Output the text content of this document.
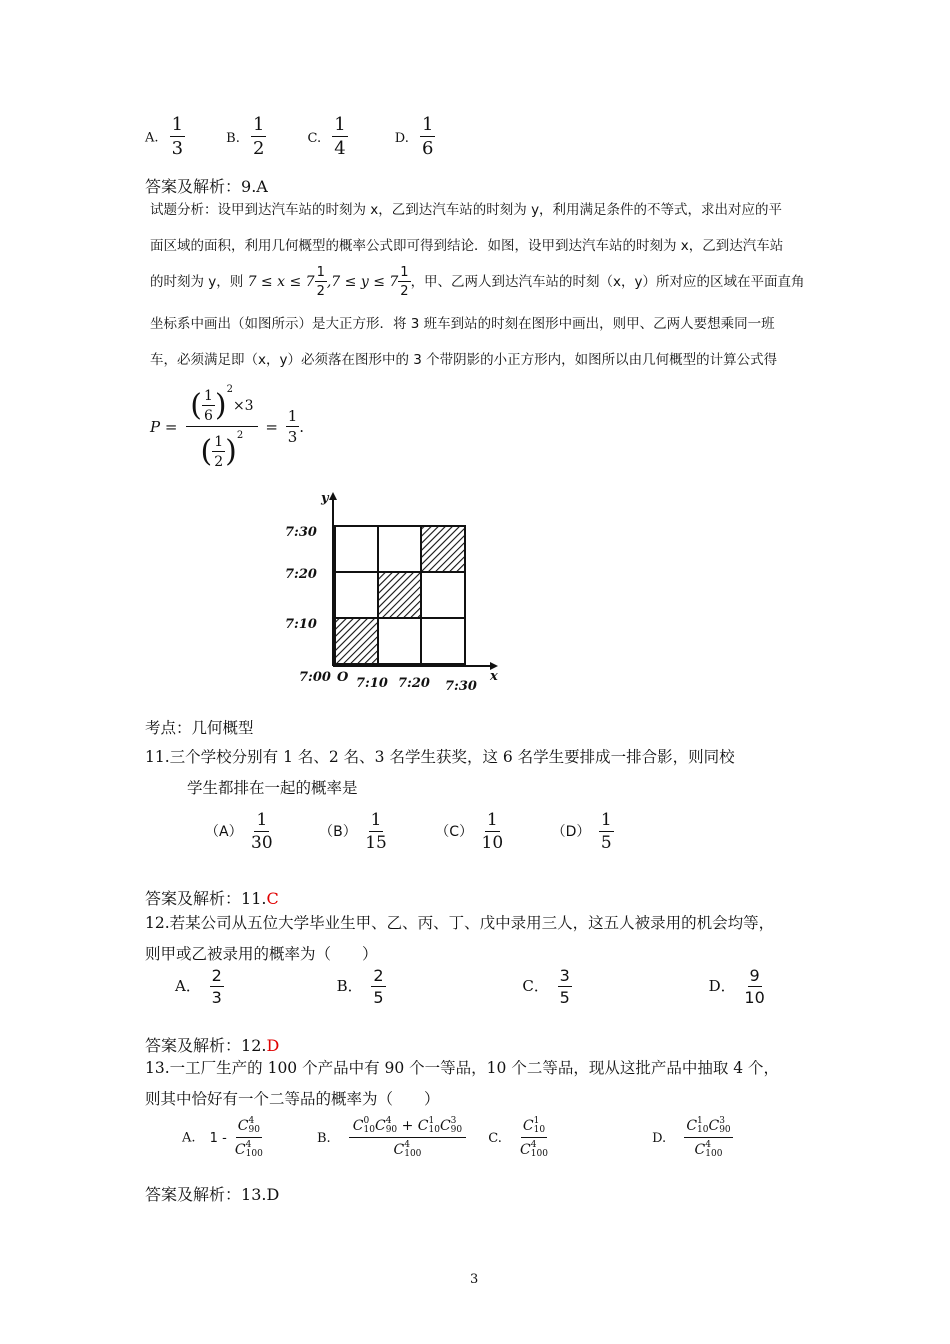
A. $\frac{1}{3}$	B. $\frac{1}{2}$	C. $\frac{1}{4}$	D. $\frac{1}{6}$
答案及解析：9.A
试题分析：设甲到达汽车站的时刻为 x，乙到达汽车站的时刻为 y，利用满足条件的不等式，求出对应的平
面区域的面积，利用几何概型的概率公式即可得到结论．如图，设甲到达汽车站的时刻为 x，乙到达汽车站
的时刻为 y，则 $7 \le x \le 7 \frac{1}{2} ,7 \le y \le 7 \frac{1}{2}$ ，甲、乙两人到达汽车站的时刻（x，y）所对应的区域在平面直角
坐标系中画出（如图所示）是大正方形．将 3 班车到站的时刻在图形中画出，则甲、乙两人要想乘同一班
车，必须满足即（x，y）必须落在图形中的 3 个带阴影的小正方形内，如图所以由几何概型的计算公式得
$P = \frac{( \frac{1}{6} )^2\times 3}{( \frac{1}{2} )^2} = \frac{1}{3}$ .
y
x
7:30
7:20
7:10
7:00 O 7:10 7:20 7:30
考点：几何概型
11.三个学校分别有 1 名、2 名、3 名学生获奖，这 6 名学生要排成一排合影，则同校
学生都排在一起的概率是
$(A) \frac{1}{30}$	$(B) \frac{1}{15}$	$(C) \frac{1}{10}$	$(D) \frac{1}{5}$
答案及解析：11.C
12.若某公司从五位大学毕业生甲、乙、丙、丁、戊中录用三人，这五人被录用的机会均等，
则甲或乙被录用的概率为（　　）
A． $\frac{2}{3}$	B． $\frac{2}{5}$	C． $\frac{3}{5}$	D． $\frac{9}{10}$
答案及解析：12.D
13.一工厂生产的 100 个产品中有 90 个一等品，10 个二等品，现从这批产品中抽取 4 个，
则其中恰好有一个二等品的概率为（　　）
A. 1 - C 4
90
C 4
100	B. C 0
10 C 4
90 + C 1
10 C 3
90
C 4
100 C. C 1
10
C 4
100	D. C 1
10 C 3
90
C 4
100
答案及解析：13.D
3
